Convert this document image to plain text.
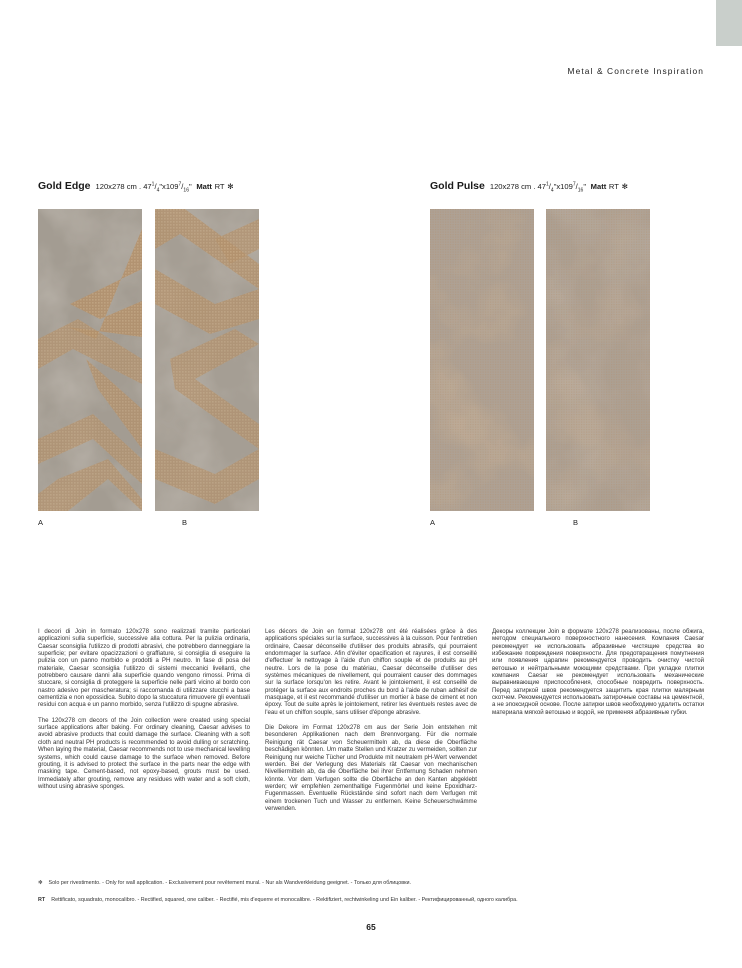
Metal & Concrete Inspiration
Gold Edge 120x278 cm . $47^1/_4"x109^7/_{16}$" Matt RT ✻	Gold Pulse 120x278 cm . $47^1/_4"x109^7/_{16}$" Matt RT ✻
A	B	A	B

I decori di Join in formato 120x278 sono realizzati tramite particolari applicazioni sulla superficie, successive alla cottura. Per la pulizia ordinaria, Caesar sconsiglia l'utilizzo di prodotti abrasivi, che potrebbero danneggiare la superficie; per evitare opacizzazioni o graffiature, si consiglia di eseguire la pulizia con un panno morbido e prodotti a PH neutro. In fase di posa del materiale, Caesar sconsiglia l'utilizzo di sistemi meccanici livellanti, che potrebbero causare danni alla superficie quando vengono rimossi. Prima di stuccare, si consiglia di proteggere la superficie nelle parti vicino al bordo con nastro adesivo per mascheratura; si raccomanda di utilizzare stucchi a base cementizia e non epossidica. Subito dopo la stuccatura rimuovere gli eventuali residui con acqua e un panno morbido, senza l'utilizzo di spugne abrasive.

The 120x278 cm decors of the Join collection were created using special surface applications after baking. For ordinary cleaning, Caesar advises to avoid abrasive products that could damage the surface. Cleaning with a soft cloth and neutral PH products is recommended to avoid dulling or scratching. When laying the material, Caesar recommends not to use mechanical levelling systems, which could cause damage to the surface when removed. Before grouting, it is advised to protect the surface in the parts near the edge with masking tape. Cement-based, not epoxy-based, grouts must be used. Immediately after grouting, remove any residues with water and a soft cloth, without using abrasive sponges.

Les décors de Join en format 120x278 ont été réalisées grâce à des applications spéciales sur la surface, successives à la cuisson. Pour l'entretien ordinaire, Caesar déconseille d'utiliser des produits abrasifs, qui pourraient endommager la surface. Afin d'éviter opacification et rayures, il est conseillé d'effectuer le nettoyage à l'aide d'un chiffon souple et de produits au pH neutre. Lors de la pose du matériau, Caesar déconseille d'utiliser des systèmes mécaniques de nivellement, qui pourraient causer des dommages sur la surface lorsqu'on les retire. Avant le jointoiement, il est conseillé de protéger la surface aux endroits proches du bord à l'aide de ruban adhésif de masquage, et il est recommandé d'utiliser un mortier à base de ciment et non époxy. Tout de suite après le jointoiement, retirer les éventuels restes avec de l'eau et un chiffon souple, sans utiliser d'éponge abrasive.

Die Dekore im Format 120x278 cm aus der Serie Join entstehen mit besonderen Applikationen nach dem Brennvorgang. Für die normale Reinigung rät Caesar von Scheuermitteln ab, da diese die Oberfläche beschädigen könnten. Um matte Stellen und Kratzer zu vermeiden, sollten zur Reinigung nur weiche Tücher und Produkte mit neutralem pH-Wert verwendet werden. Bei der Verlegung des Materials rät Caesar von mechanischen Nivelliermitteln ab, da die Oberfläche bei ihrer Entfernung Schaden nehmen könnte. Vor dem Verfugen sollte die Oberfläche an den Kanten abgeklebt werden; wir empfehlen zementhaltige Fugenmörtel und keine Epoxidharz-Fugenmassen. Eventuelle Rückstände sind sofort nach dem Verfugen mit einem trockenen Tuch und Wasser zu entfernen. Keine Scheuerschwämme verwenden.

Декоры коллекции Join в формате 120x278 реализованы, после обжига, методом специального поверхностного нанесения. Компания Caesar рекомендует не использовать абразивные чистящие средства во избежание повреждения поверхности. Для предотвращения помутнения или появления царапин рекомендуется проводить очистку чистой ветошью и нейтральными моющими средствами. При укладке плитки компания Caesar не рекомендует использовать механические выравнивающие приспособления, способные повредить поверхность. Перед затиркой швов рекомендуется защитить края плитки малярным скотчем. Рекомендуется использовать затирочные составы на цементной, а не эпоксидной основе. После затирки швов необходимо удалить остатки материала мягкой ветошью и водой, не применяя абразивные губки.

✻ Solo per rivestimento. - Only for wall application. - Exclusivement pour revêtement mural. - Nur als Wandverkleidung geeignet. - Только для облицовки.
RT Rettificato, squadrato, monocalibro. - Rectified, squared, one caliber. - Rectifié, mis d'equerre et monocalibre. - Rektifiziert, rechtwinkeling und Ein kaliber. - Ректифицированный, одного калибра.
65
